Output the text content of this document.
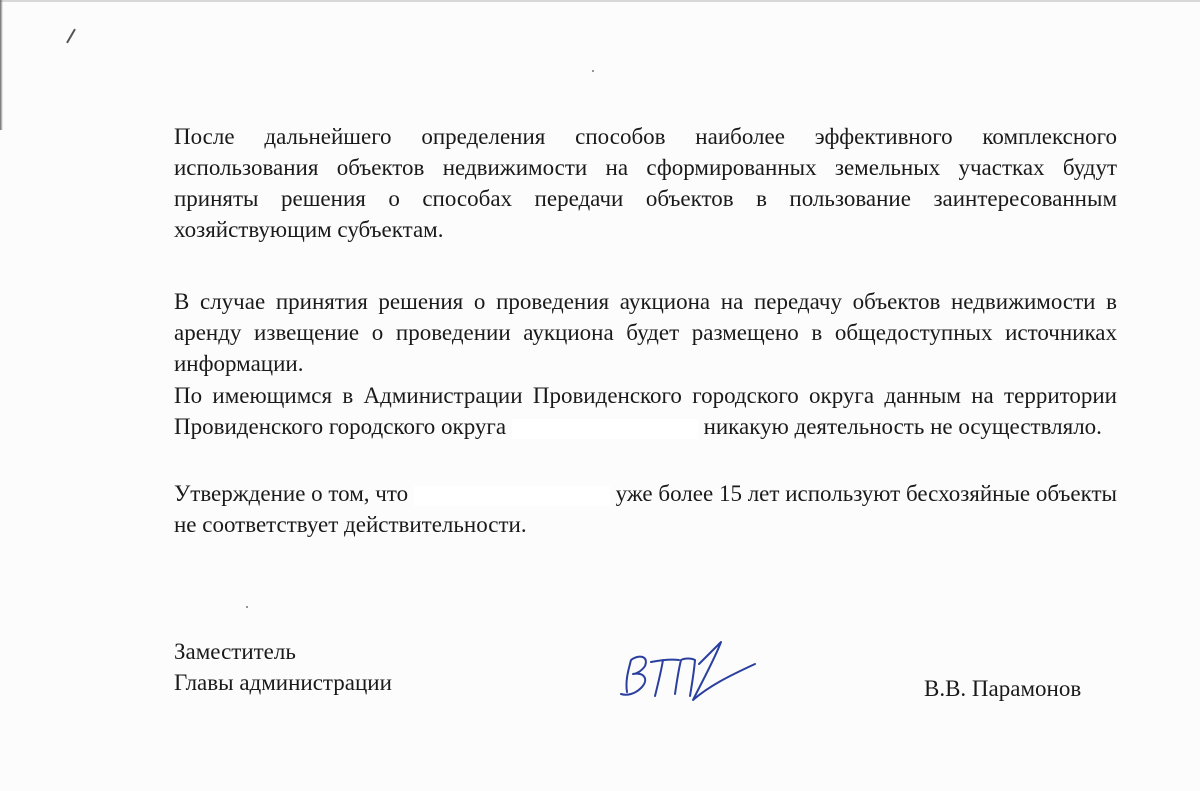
После дальнейшего определения способов наиболее эффективного комплексного использования объектов недвижимости на сформированных земельных участках будут приняты решения о способах передачи объектов в пользование заинтересованным хозяйствующим субъектам.

В случае принятия решения о проведения аукциона на передачу объектов недвижимости в аренду извещение о проведении аукциона будет размещено в общедоступных источниках информации.

По имеющимся в Администрации Провиденского городского округа данным на территории Провиденского городского округа	никакую деятельность не осуществляло.

Утверждение о том, что	уже более 15 лет используют бесхозяйные объекты не соответствует действительности.

Заместитель
Главы администрации	В.В. Парамонов
